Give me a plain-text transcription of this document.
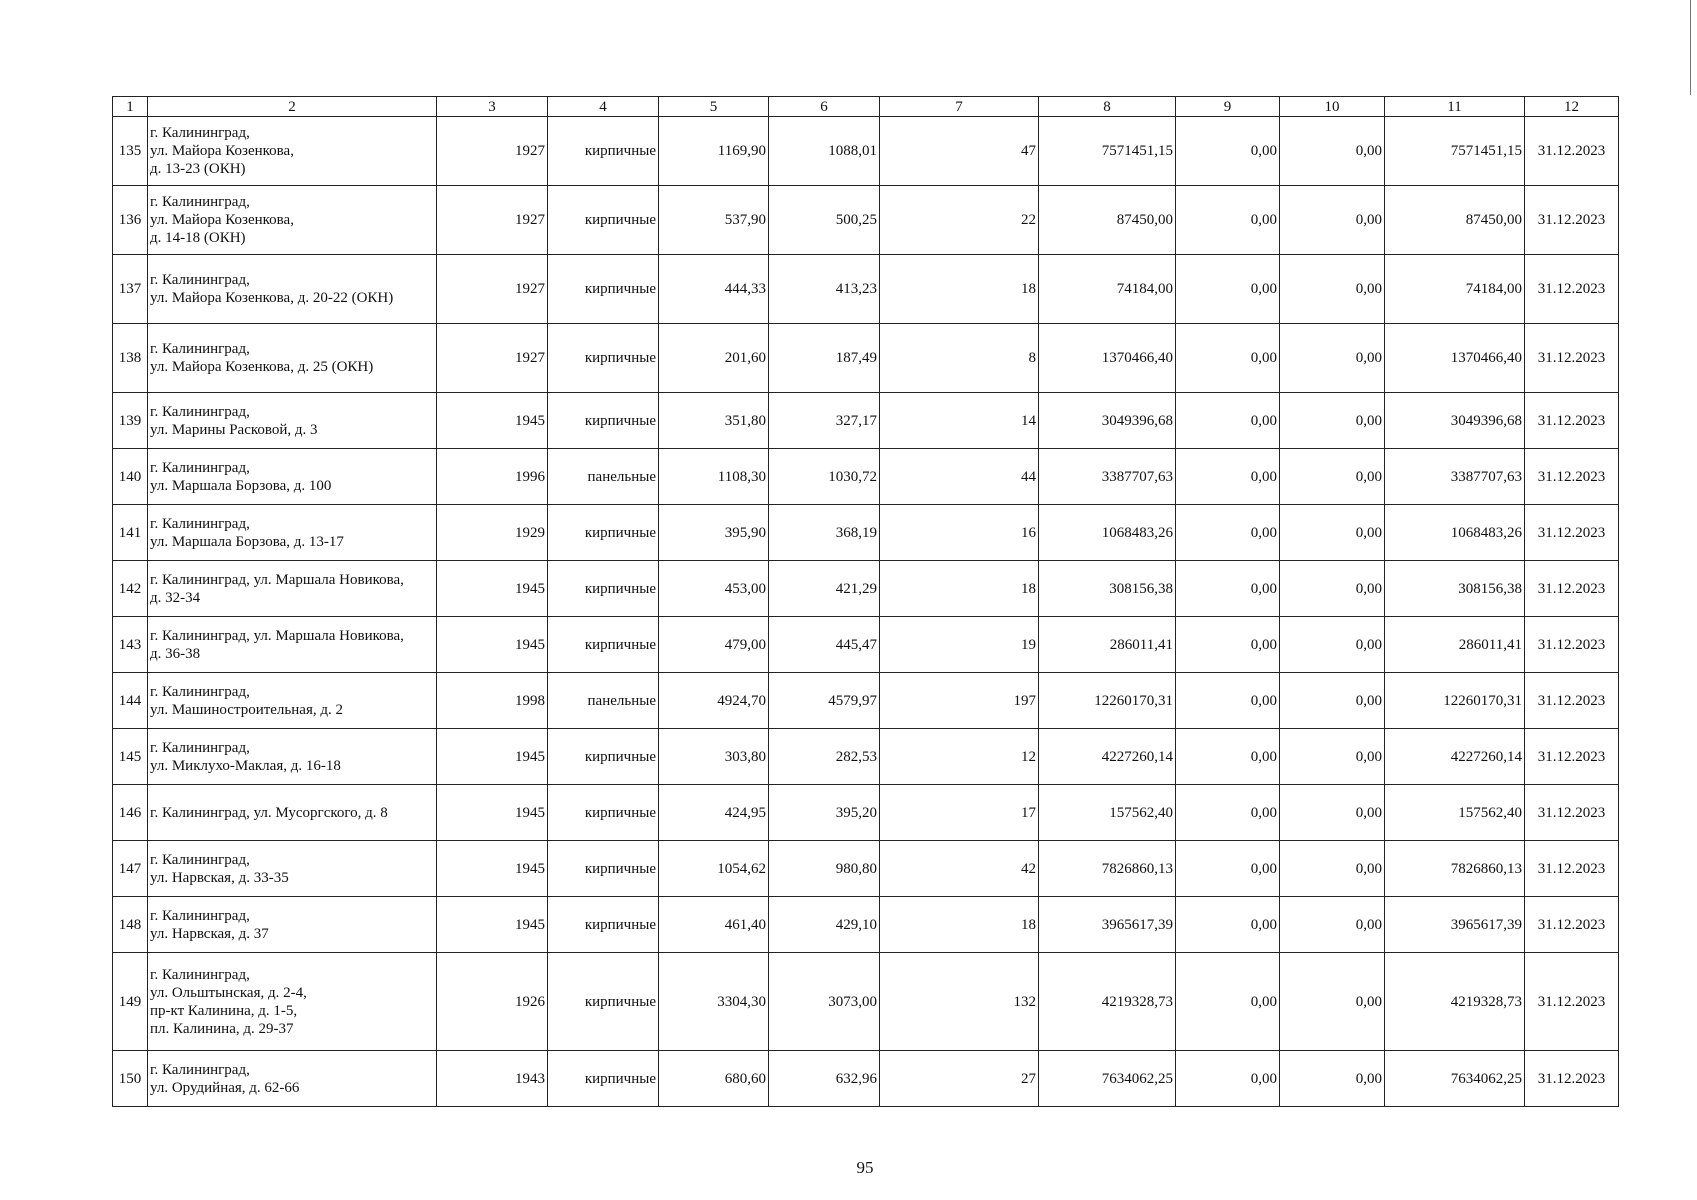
1	2	3	4	5	6	7	8	9	10	11	12
135	г. Калининград,
ул. Майора Козенкова,
д. 13-23 (ОКН)	1927	кирпичные	1169,90	1088,01	47	7571451,15	0,00	0,00	7571451,15	31.12.2023
136	г. Калининград,
ул. Майора Козенкова,
д. 14-18 (ОКН)	1927	кирпичные	537,90	500,25	22	87450,00	0,00	0,00	87450,00	31.12.2023
137	г. Калининград,
ул. Майора Козенкова, д. 20-22 (ОКН)	1927	кирпичные	444,33	413,23	18	74184,00	0,00	0,00	74184,00	31.12.2023
138	г. Калининград,
ул. Майора Козенкова, д. 25 (ОКН)	1927	кирпичные	201,60	187,49	8	1370466,40	0,00	0,00	1370466,40	31.12.2023
139	г. Калининград,
ул. Марины Расковой, д. 3	1945	кирпичные	351,80	327,17	14	3049396,68	0,00	0,00	3049396,68	31.12.2023
140	г. Калининград,
ул. Маршала Борзова, д. 100	1996	панельные	1108,30	1030,72	44	3387707,63	0,00	0,00	3387707,63	31.12.2023
141	г. Калининград,
ул. Маршала Борзова, д. 13-17	1929	кирпичные	395,90	368,19	16	1068483,26	0,00	0,00	1068483,26	31.12.2023
142	г. Калининград, ул. Маршала Новикова,
д. 32-34	1945	кирпичные	453,00	421,29	18	308156,38	0,00	0,00	308156,38	31.12.2023
143	г. Калининград, ул. Маршала Новикова,
д. 36-38	1945	кирпичные	479,00	445,47	19	286011,41	0,00	0,00	286011,41	31.12.2023
144	г. Калининград,
ул. Машиностроительная, д. 2	1998	панельные	4924,70	4579,97	197	12260170,31	0,00	0,00	12260170,31	31.12.2023
145	г. Калининград,
ул. Миклухо-Маклая, д. 16-18	1945	кирпичные	303,80	282,53	12	4227260,14	0,00	0,00	4227260,14	31.12.2023
146	г. Калининград, ул. Мусоргского, д. 8	1945	кирпичные	424,95	395,20	17	157562,40	0,00	0,00	157562,40	31.12.2023
147	г. Калининград,
ул. Нарвская, д. 33-35	1945	кирпичные	1054,62	980,80	42	7826860,13	0,00	0,00	7826860,13	31.12.2023
148	г. Калининград,
ул. Нарвская, д. 37	1945	кирпичные	461,40	429,10	18	3965617,39	0,00	0,00	3965617,39	31.12.2023
149	г. Калининград,
ул. Ольштынская, д. 2-4,
пр-кт Калинина, д. 1-5,
пл. Калинина, д. 29-37	1926	кирпичные	3304,30	3073,00	132	4219328,73	0,00	0,00	4219328,73	31.12.2023
150	г. Калининград,
ул. Орудийная, д. 62-66	1943	кирпичные	680,60	632,96	27	7634062,25	0,00	0,00	7634062,25	31.12.2023
95
